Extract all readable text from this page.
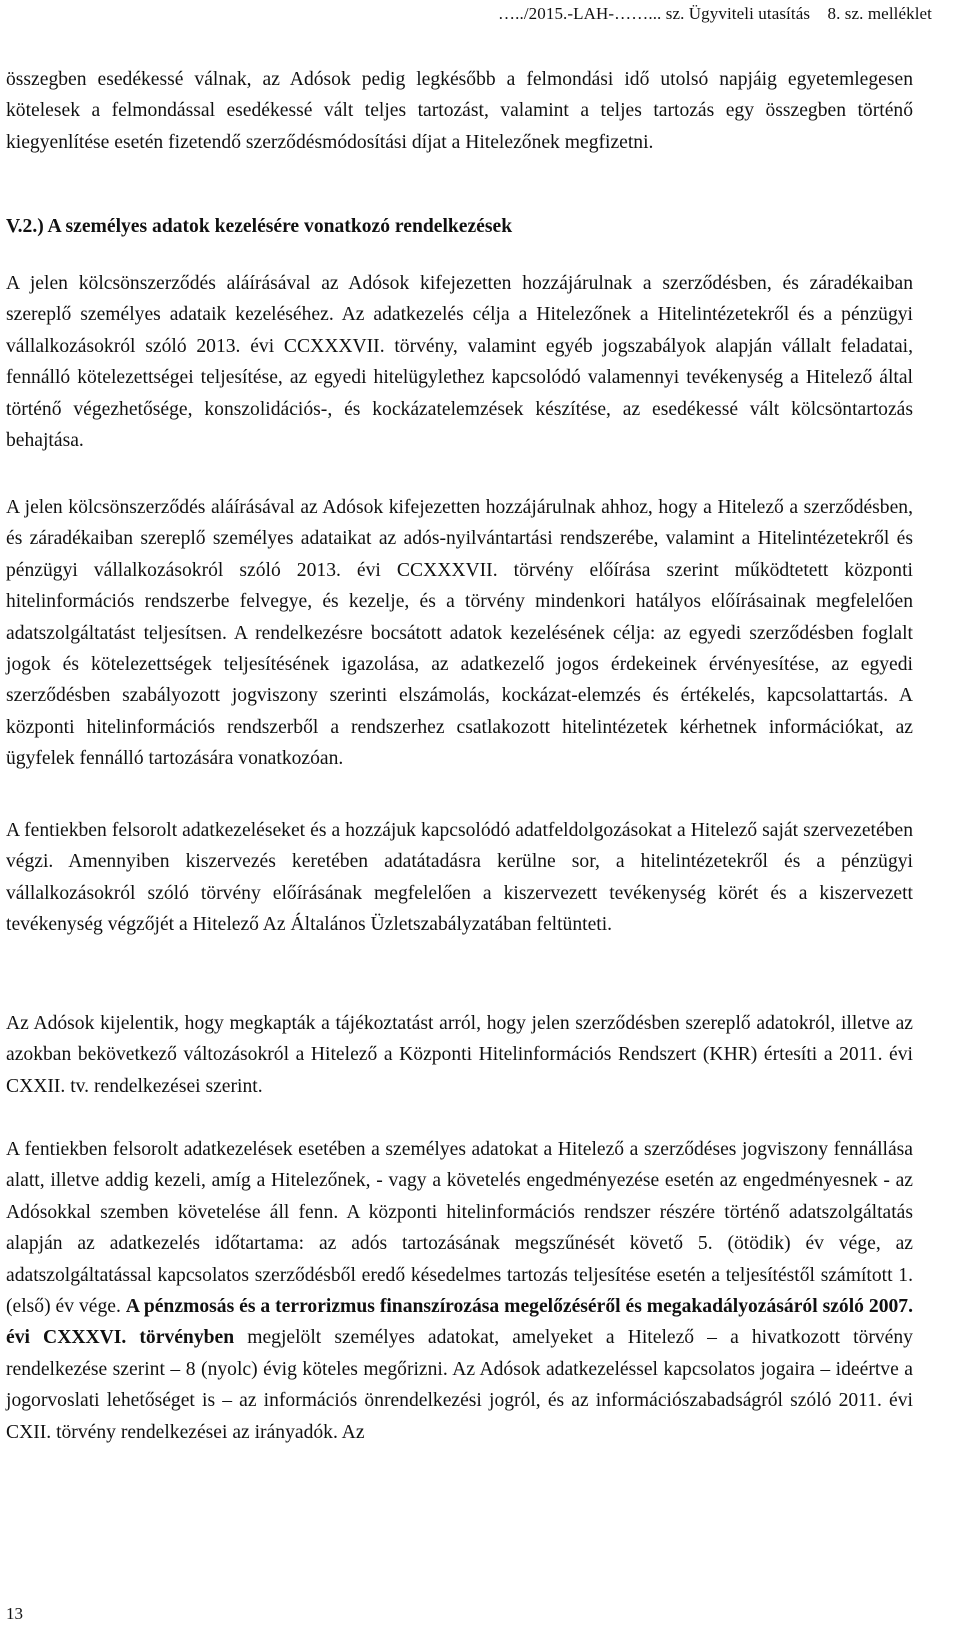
…../2015.-LAH-……... sz. Ügyviteli utasítás 8. sz. melléklet

összegben esedékessé válnak, az Adósok pedig legkésőbb a felmondási idő utolsó napjáig egyetemlegesen kötelesek a felmondással esedékessé vált teljes tartozást, valamint a teljes tartozás egy összegben történő kiegyenlítése esetén fizetendő szerződésmódosítási díjat a Hitelezőnek megfizetni.

V.2.) A személyes adatok kezelésére vonatkozó rendelkezések

A jelen kölcsönszerződés aláírásával az Adósok kifejezetten hozzájárulnak a szerződésben, és záradékaiban szereplő személyes adataik kezeléséhez. Az adatkezelés célja a Hitelezőnek a Hitelintézetekről és a pénzügyi vállalkozásokról szóló 2013. évi CCXXXVII. törvény, valamint egyéb jogszabályok alapján vállalt feladatai, fennálló kötelezettségei teljesítése, az egyedi hitelügylethez kapcsolódó valamennyi tevékenység a Hitelező által történő végezhetősége, konszolidációs-, és kockázatelemzések készítése, az esedékessé vált kölcsöntartozás behajtása.

A jelen kölcsönszerződés aláírásával az Adósok kifejezetten hozzájárulnak ahhoz, hogy a Hitelező a szerződésben, és záradékaiban szereplő személyes adataikat az adós-nyilvántartási rendszerébe, valamint a Hitelintézetekről és pénzügyi vállalkozásokról szóló 2013. évi CCXXXVII. törvény előírása szerint működtetett központi hitelinformációs rendszerbe felvegye, és kezelje, és a törvény mindenkori hatályos előírásainak megfelelően adatszolgáltatást teljesítsen. A rendelkezésre bocsátott adatok kezelésének célja: az egyedi szerződésben foglalt jogok és kötelezettségek teljesítésének igazolása, az adatkezelő jogos érdekeinek érvényesítése, az egyedi szerződésben szabályozott jogviszony szerinti elszámolás, kockázat-elemzés és értékelés, kapcsolattartás. A központi hitelinformációs rendszerből a rendszerhez csatlakozott hitelintézetek kérhetnek információkat, az ügyfelek fennálló tartozására vonatkozóan.

A fentiekben felsorolt adatkezeléseket és a hozzájuk kapcsolódó adatfeldolgozásokat a Hitelező saját szervezetében végzi. Amennyiben kiszervezés keretében adatátadásra kerülne sor, a hitelintézetekről és a pénzügyi vállalkozásokról szóló törvény előírásának megfelelően a kiszervezett tevékenység körét és a kiszervezett tevékenység végzőjét a Hitelező Az Általános Üzletszabályzatában feltünteti.

Az Adósok kijelentik, hogy megkapták a tájékoztatást arról, hogy jelen szerződésben szereplő adatokról, illetve az azokban bekövetkező változásokról a Hitelező a Központi Hitelinformációs Rendszert (KHR) értesíti a 2011. évi CXXII. tv. rendelkezései szerint.

A fentiekben felsorolt adatkezelések esetében a személyes adatokat a Hitelező a szerződéses jogviszony fennállása alatt, illetve addig kezeli, amíg a Hitelezőnek, - vagy a követelés engedményezése esetén az engedményesnek - az Adósokkal szemben követelése áll fenn. A központi hitelinformációs rendszer részére történő adatszolgáltatás alapján az adatkezelés időtartama: az adós tartozásának megszűnését követő 5. (ötödik) év vége, az adatszolgáltatással kapcsolatos szerződésből eredő késedelmes tartozás teljesítése esetén a teljesítéstől számított 1. (első) év vége. A pénzmosás és a terrorizmus finanszírozása megelőzéséről és megakadályozásáról szóló 2007. évi CXXXVI. törvényben megjelölt személyes adatokat, amelyeket a Hitelező – a hivatkozott törvény rendelkezése szerint – 8 (nyolc) évig köteles megőrizni. Az Adósok adatkezeléssel kapcsolatos jogaira – ideértve a jogorvoslati lehetőséget is – az információs önrendelkezési jogról, és az információszabadságról szóló 2011. évi CXII. törvény rendelkezései az irányadók. Az

13
